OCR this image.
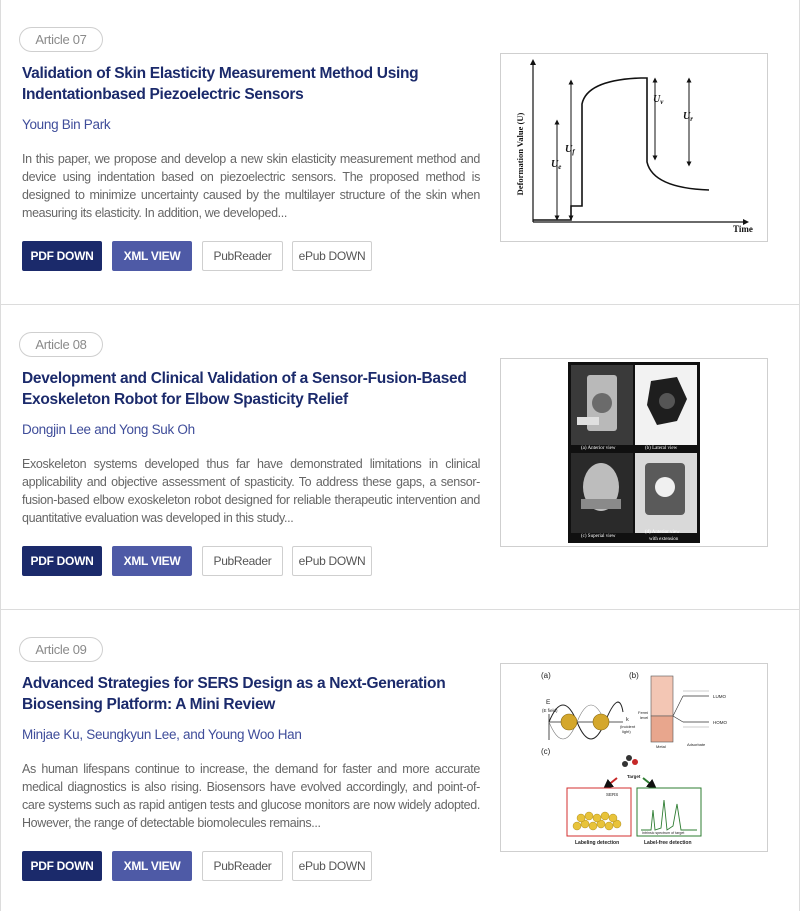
Article 07
Validation of Skin Elasticity Measurement Method Using Indentationbased Piezoelectric Sensors
Young Bin Park

In this paper, we propose and develop a new skin elasticity measurement method and device using indentation based on piezoelectric sensors. The proposed method is designed to minimize uncertainty caused by the multilayer structure of the skin when measuring its elasticity. In addition, we developed...

PDF DOWN	XML VIEW	PubReader	ePub DOWN
Deformation Value (U)
Time
$U_e$
$U_f$
$U_v$
$U_r$
Article 08
Development and Clinical Validation of a Sensor-Fusion-Based Exoskeleton Robot for Elbow Spasticity Relief
Dongjin Lee and Yong Suk Oh

Exoskeleton systems developed thus far have demonstrated limitations in clinical applicability and objective assessment of spasticity. To address these gaps, a sensor-fusion-based elbow exoskeleton robot designed for reliable therapeutic intervention and quantitative evaluation was developed in this study...

PDF DOWN	XML VIEW	PubReader	ePub DOWN
(a) Anterior view	(b) Lateral view
(c) Superial view
(d) Anterior view
with extension
Article 09
Advanced Strategies for SERS Design as a Next-Generation Biosensing Platform: A Mini Review
Minjae Ku, Seungkyun Lee, and Young Woo Han

As human lifespans continue to increase, the demand for faster and more accurate medical diagnostics is also rising. Biosensors have evolved accordingly, and point-of-care systems such as rapid antigen tests and glucose monitors are now widely adopted. However, the range of detectable biomolecules remains...

PDF DOWN	XML VIEW	PubReader	ePub DOWN
(a)
E
(E field)
k
(incident
light)
(b)
LUMO
HOMO
Fermi
level
Metal	Adsorbate
(c)
Target
SERS
Intrinsic spectrum of target
Labeling detection	Label-free detection
